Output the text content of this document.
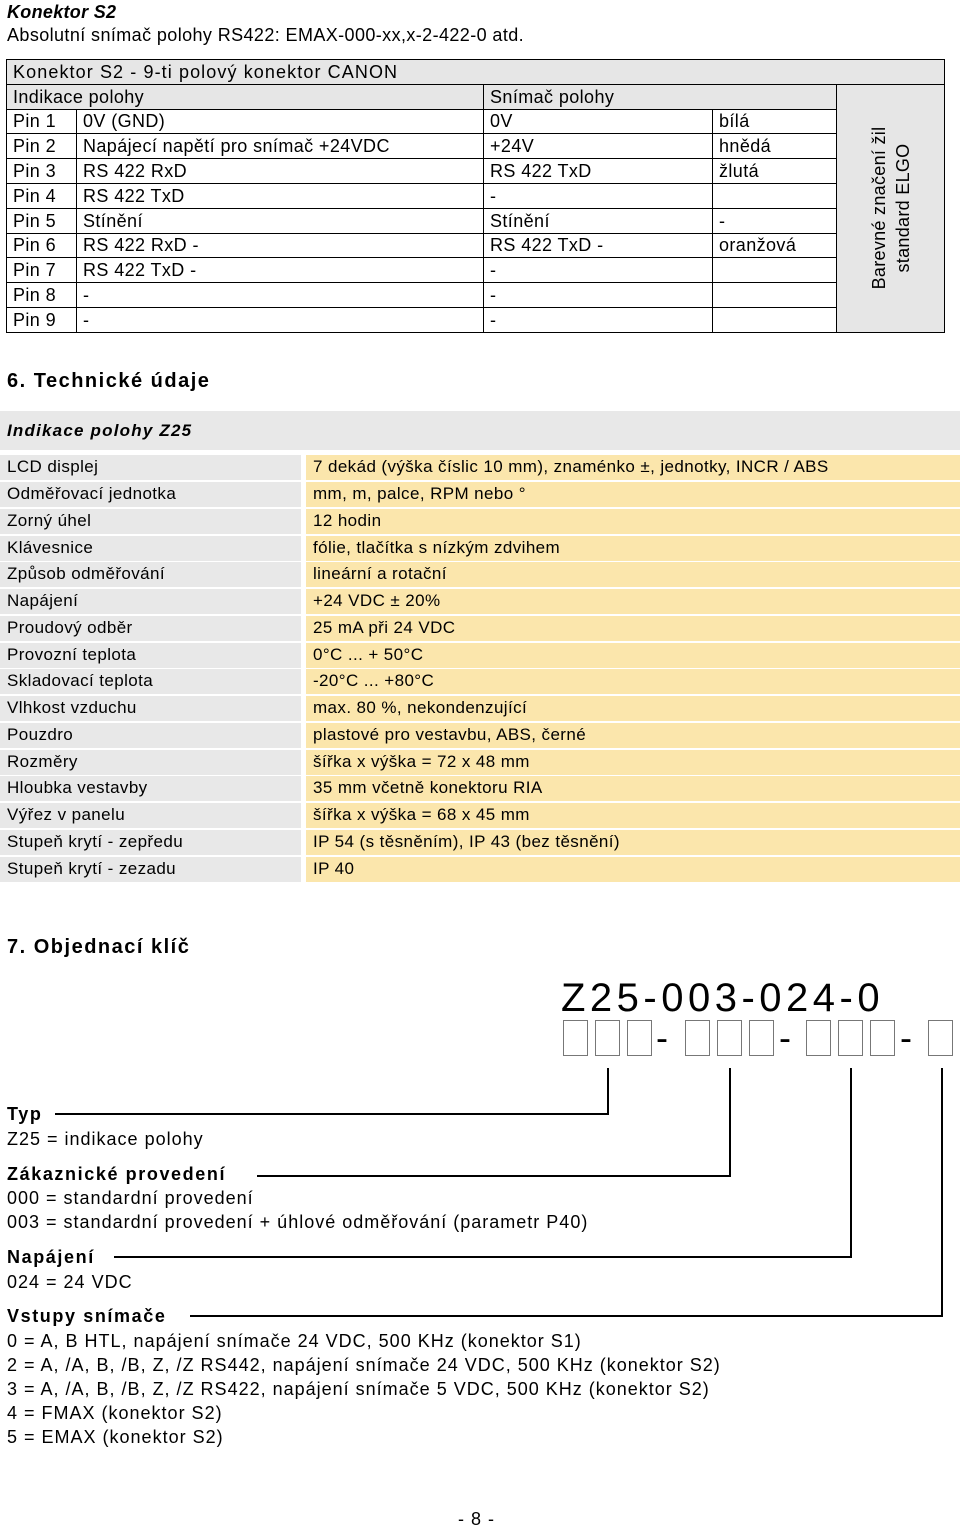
Konektor S2
Absolutní snímač polohy RS422: EMAX-000-xx,x-2-422-0 atd.
Konektor S2 - 9-ti polový konektor CANON				
Indikace polohy		Snímač polohy		Barevné značení žil standard ELGO

Pin 1	0V (GND)	0V	bílá	
Pin 2	Napájecí napětí pro snímač +24VDC	+24V	hnědá	
Pin 3	RS 422 RxD	RS 422 TxD	žlutá	
Pin 4	RS 422 TxD	-		
Pin 5	Stínění	Stínění	-	
Pin 6	RS 422 RxD -	RS 422 TxD -	oranžová	
Pin 7	RS 422 TxD -	-		
Pin 8	-	-		
Pin 9	-	-		
6. Technické údaje
Indikace polohy Z25
LCD displej	7 dekád (výška číslic 10 mm), znaménko ±, jednotky, INCR / ABS
Odměřovací jednotka	mm, m, palce, RPM nebo °
Zorný úhel	12 hodin
Klávesnice	fólie, tlačítka s nízkým zdvihem
Způsob odměřování	lineární a rotační
Napájení	+24 VDC ± 20%
Proudový odběr	25 mA při 24 VDC
Provozní teplota	0°C ... + 50°C
Skladovací teplota	-20°C ... +80°C
Vlhkost vzduchu	max. 80 %, nekondenzující
Pouzdro	plastové pro vestavbu, ABS, černé
Rozměry	šířka x výška = 72 x 48 mm
Hloubka vestavby	35 mm včetně konektoru RIA
Výřez v panelu	šířka x výška = 68 x 45 mm
Stupeň krytí - zepředu	IP 54 (s těsněním), IP 43 (bez těsnění)
Stupeň krytí - zezadu	IP 40
7. Objednací klíč
Z25-003-024-0
-	-	-
Typ
Z25 = indikace polohy
Zákaznické provedení
000 = standardní provedení
003 = standardní provedení + úhlové odměřování (parametr P40)
Napájení
024 = 24 VDC
Vstupy snímače
0 = A, B HTL, napájení snímače 24 VDC, 500 KHz (konektor S1)
2 = A, /A, B, /B, Z, /Z RS442, napájení snímače 24 VDC, 500 KHz (konektor S2)
3 = A, /A, B, /B, Z, /Z RS422, napájení snímače 5 VDC, 500 KHz (konektor S2)
4 = FMAX (konektor S2)
5 = EMAX (konektor S2)
- 8 -
